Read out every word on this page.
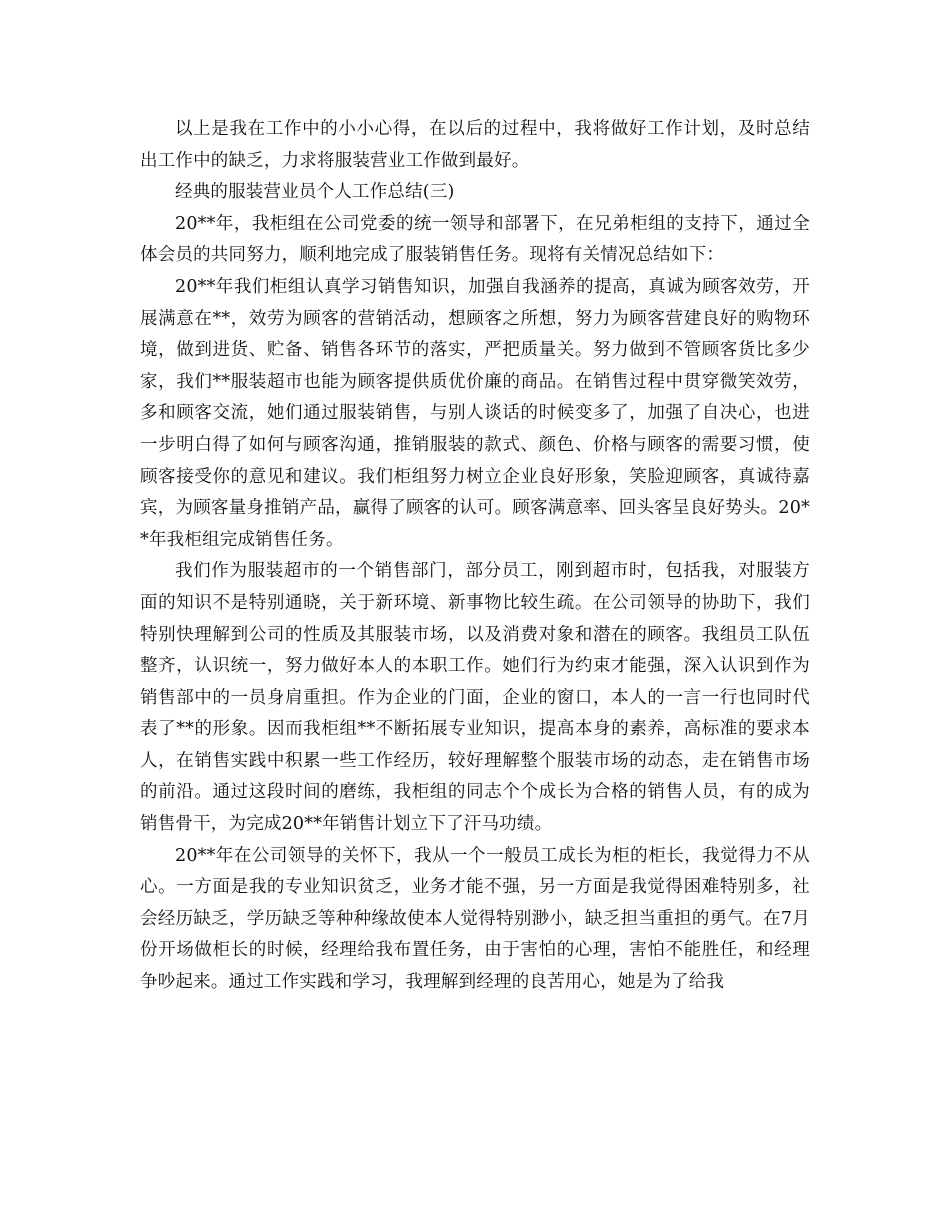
以上是我在工作中的小小心得，在以后的过程中，我将做好工作计划，及时总结出工作中的缺乏，力求将服装营业工作做到最好。

经典的服装营业员个人工作总结(三)

20**年，我柜组在公司党委的统一领导和部署下，在兄弟柜组的支持下，通过全体会员的共同努力，顺利地完成了服装销售任务。现将有关情况总结如下：

20**年我们柜组认真学习销售知识，加强自我涵养的提高，真诚为顾客效劳，开展满意在**，效劳为顾客的营销活动，想顾客之所想，努力为顾客营建良好的购物环境，做到进货、贮备、销售各环节的落实，严把质量关。努力做到不管顾客货比多少家，我们**服装超市也能为顾客提供质优价廉的商品。在销售过程中贯穿微笑效劳，多和顾客交流，她们通过服装销售，与别人谈话的时候变多了，加强了自决心，也进一步明白得了如何与顾客沟通，推销服装的款式、颜色、价格与顾客的需要习惯，使顾客接受你的意见和建议。我们柜组努力树立企业良好形象，笑脸迎顾客，真诚待嘉宾，为顾客量身推销产品，赢得了顾客的认可。顾客满意率、回头客呈良好势头。20**年我柜组完成销售任务。

我们作为服装超市的一个销售部门，部分员工，刚到超市时，包括我，对服装方面的知识不是特别通晓，关于新环境、新事物比较生疏。在公司领导的协助下，我们特别快理解到公司的性质及其服装市场，以及消费对象和潜在的顾客。我组员工队伍整齐，认识统一，努力做好本人的本职工作。她们行为约束才能强，深入认识到作为销售部中的一员身肩重担。作为企业的门面，企业的窗口，本人的一言一行也同时代表了**的形象。因而我柜组**不断拓展专业知识，提高本身的素养，高标准的要求本人，在销售实践中积累一些工作经历，较好理解整个服装市场的动态，走在销售市场的前沿。通过这段时间的磨练，我柜组的同志个个成长为合格的销售人员，有的成为销售骨干，为完成20**年销售计划立下了汗马功绩。

20**年在公司领导的关怀下，我从一个一般员工成长为柜的柜长，我觉得力不从心。一方面是我的专业知识贫乏，业务才能不强，另一方面是我觉得困难特别多，社会经历缺乏，学历缺乏等种种缘故使本人觉得特别渺小，缺乏担当重担的勇气。在7月份开场做柜长的时候，经理给我布置任务，由于害怕的心理，害怕不能胜任，和经理争吵起来。通过工作实践和学习，我理解到经理的良苦用心，她是为了给我
